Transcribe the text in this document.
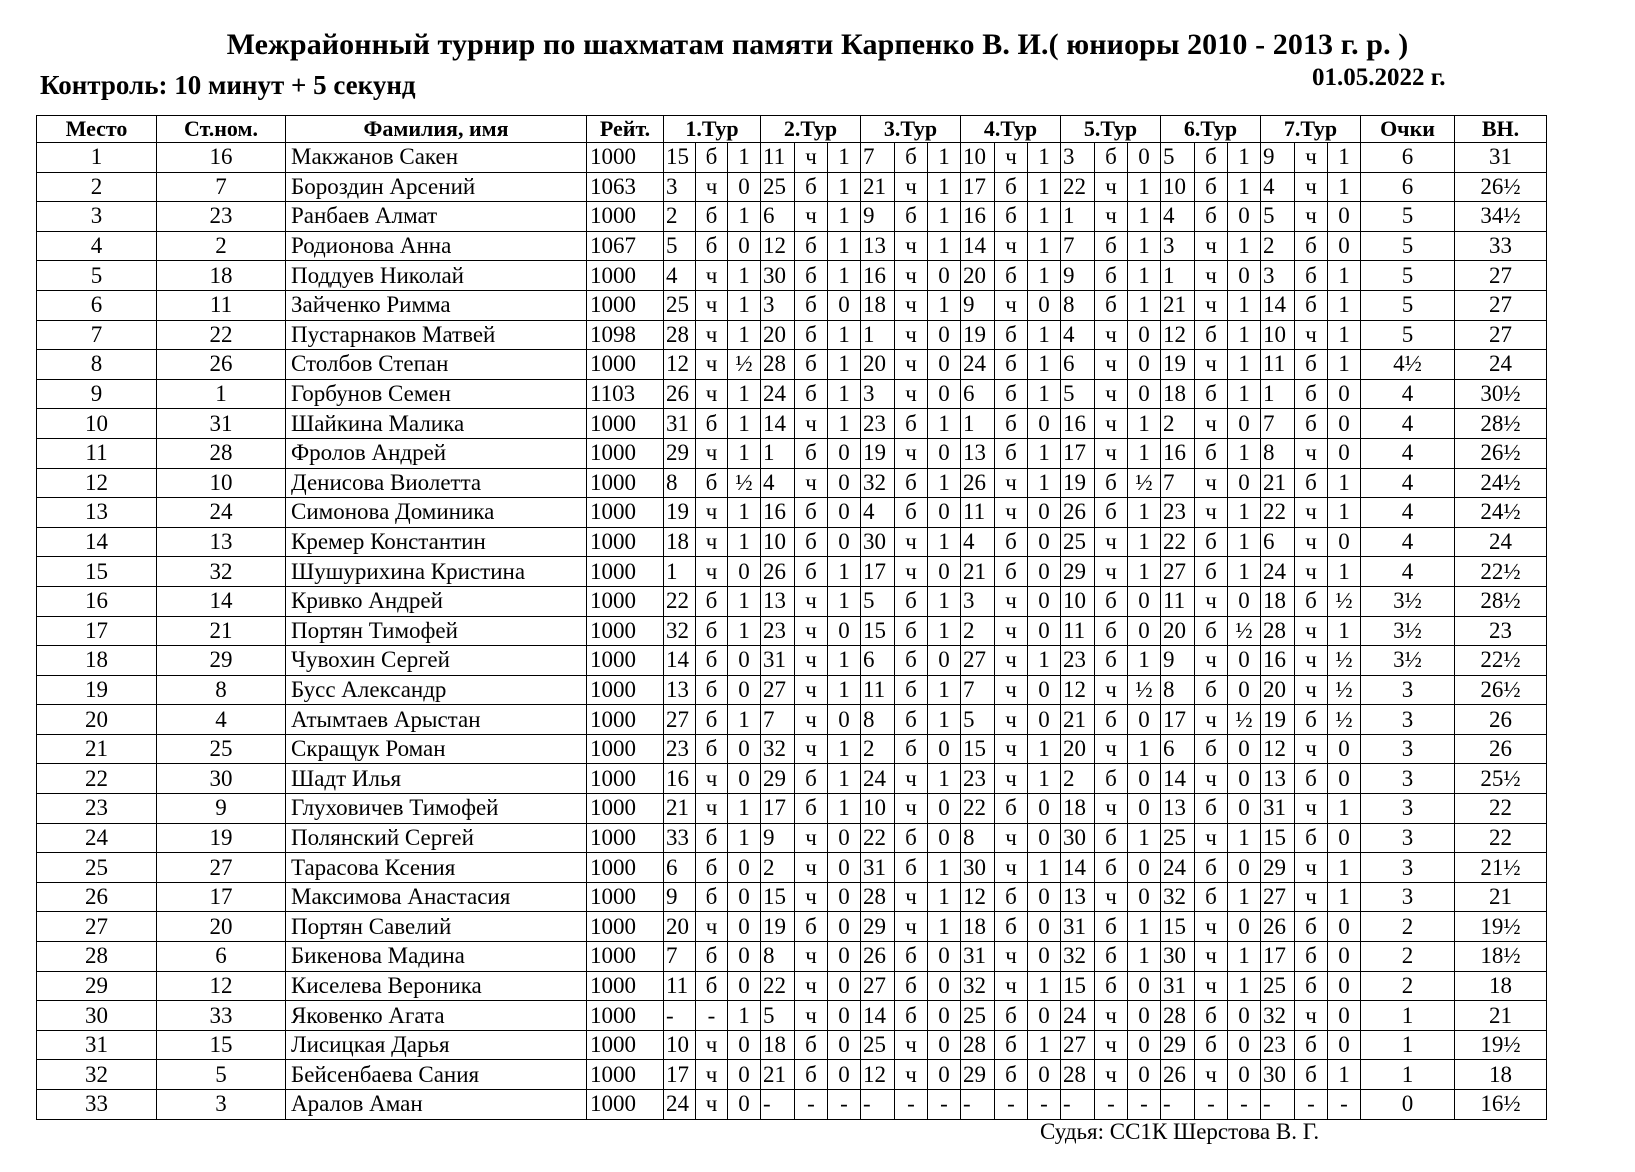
Межрайонный турнир по шахматам памяти Карпенко В. И.( юниоры 2010 - 2013 г. р. )
Контроль: 10 минут + 5 секунд	01.05.2022 г.
Место	Ст.ном.	Фамилия, имя	Рейт.	1.Тур			2.Тур			3.Тур			4.Тур			5.Тур			6.Тур			7.Тур			Очки	ВН.
1	16	Макжанов Сакен	1000	15	б	1	11	ч	1	7	б	1	10	ч	1	3	б	0	5	б	1	9	ч	1	6	31
2	7	Бороздин Арсений	1063	3	ч	0	25	б	1	21	ч	1	17	б	1	22	ч	1	10	б	1	4	ч	1	6	26½
3	23	Ранбаев Алмат	1000	2	б	1	6	ч	1	9	б	1	16	б	1	1	ч	1	4	б	0	5	ч	0	5	34½
4	2	Родионова Анна	1067	5	б	0	12	б	1	13	ч	1	14	ч	1	7	б	1	3	ч	1	2	б	0	5	33
5	18	Поддуев Николай	1000	4	ч	1	30	б	1	16	ч	0	20	б	1	9	б	1	1	ч	0	3	б	1	5	27
6	11	Зайченко Римма	1000	25	ч	1	3	б	0	18	ч	1	9	ч	0	8	б	1	21	ч	1	14	б	1	5	27
7	22	Пустарнаков Матвей	1098	28	ч	1	20	б	1	1	ч	0	19	б	1	4	ч	0	12	б	1	10	ч	1	5	27
8	26	Столбов Степан	1000	12	ч	½	28	б	1	20	ч	0	24	б	1	6	ч	0	19	ч	1	11	б	1	4½	24
9	1	Горбунов Семен	1103	26	ч	1	24	б	1	3	ч	0	6	б	1	5	ч	0	18	б	1	1	б	0	4	30½
10	31	Шайкина Малика	1000	31	б	1	14	ч	1	23	б	1	1	б	0	16	ч	1	2	ч	0	7	б	0	4	28½
11	28	Фролов Андрей	1000	29	ч	1	1	б	0	19	ч	0	13	б	1	17	ч	1	16	б	1	8	ч	0	4	26½
12	10	Денисова Виолетта	1000	8	б	½	4	ч	0	32	б	1	26	ч	1	19	б	½	7	ч	0	21	б	1	4	24½
13	24	Симонова Доминика	1000	19	ч	1	16	б	0	4	б	0	11	ч	0	26	б	1	23	ч	1	22	ч	1	4	24½
14	13	Кремер Константин	1000	18	ч	1	10	б	0	30	ч	1	4	б	0	25	ч	1	22	б	1	6	ч	0	4	24
15	32	Шушурихина Кристина	1000	1	ч	0	26	б	1	17	ч	0	21	б	0	29	ч	1	27	б	1	24	ч	1	4	22½
16	14	Кривко Андрей	1000	22	б	1	13	ч	1	5	б	1	3	ч	0	10	б	0	11	ч	0	18	б	½	3½	28½
17	21	Портян Тимофей	1000	32	б	1	23	ч	0	15	б	1	2	ч	0	11	б	0	20	б	½	28	ч	1	3½	23
18	29	Чувохин Сергей	1000	14	б	0	31	ч	1	6	б	0	27	ч	1	23	б	1	9	ч	0	16	ч	½	3½	22½
19	8	Бусс Александр	1000	13	б	0	27	ч	1	11	б	1	7	ч	0	12	ч	½	8	б	0	20	ч	½	3	26½
20	4	Атымтаев Арыстан	1000	27	б	1	7	ч	0	8	б	1	5	ч	0	21	б	0	17	ч	½	19	б	½	3	26
21	25	Скращук Роман	1000	23	б	0	32	ч	1	2	б	0	15	ч	1	20	ч	1	6	б	0	12	ч	0	3	26
22	30	Шадт Илья	1000	16	ч	0	29	б	1	24	ч	1	23	ч	1	2	б	0	14	ч	0	13	б	0	3	25½
23	9	Глуховичев Тимофей	1000	21	ч	1	17	б	1	10	ч	0	22	б	0	18	ч	0	13	б	0	31	ч	1	3	22
24	19	Полянский Сергей	1000	33	б	1	9	ч	0	22	б	0	8	ч	0	30	б	1	25	ч	1	15	б	0	3	22
25	27	Тарасова Ксения	1000	6	б	0	2	ч	0	31	б	1	30	ч	1	14	б	0	24	б	0	29	ч	1	3	21½
26	17	Максимова Анастасия	1000	9	б	0	15	ч	0	28	ч	1	12	б	0	13	ч	0	32	б	1	27	ч	1	3	21
27	20	Портян Савелий	1000	20	ч	0	19	б	0	29	ч	1	18	б	0	31	б	1	15	ч	0	26	б	0	2	19½
28	6	Бикенова Мадина	1000	7	б	0	8	ч	0	26	б	0	31	ч	0	32	б	1	30	ч	1	17	б	0	2	18½
29	12	Киселева Вероника	1000	11	б	0	22	ч	0	27	б	0	32	ч	1	15	б	0	31	ч	1	25	б	0	2	18
30	33	Яковенко Агата	1000	-	-	1	5	ч	0	14	б	0	25	б	0	24	ч	0	28	б	0	32	ч	0	1	21
31	15	Лисицкая Дарья	1000	10	ч	0	18	б	0	25	ч	0	28	б	1	27	ч	0	29	б	0	23	б	0	1	19½
32	5	Бейсенбаева Сания	1000	17	ч	0	21	б	0	12	ч	0	29	б	0	28	ч	0	26	ч	0	30	б	1	1	18
33	3	Аралов Аман	1000	24	ч	0	-	-	-	-	-	-	-	-	-	-	-	-	-	-	-	-	-	-	0	16½
Судья: СС1К Шерстова В. Г.
